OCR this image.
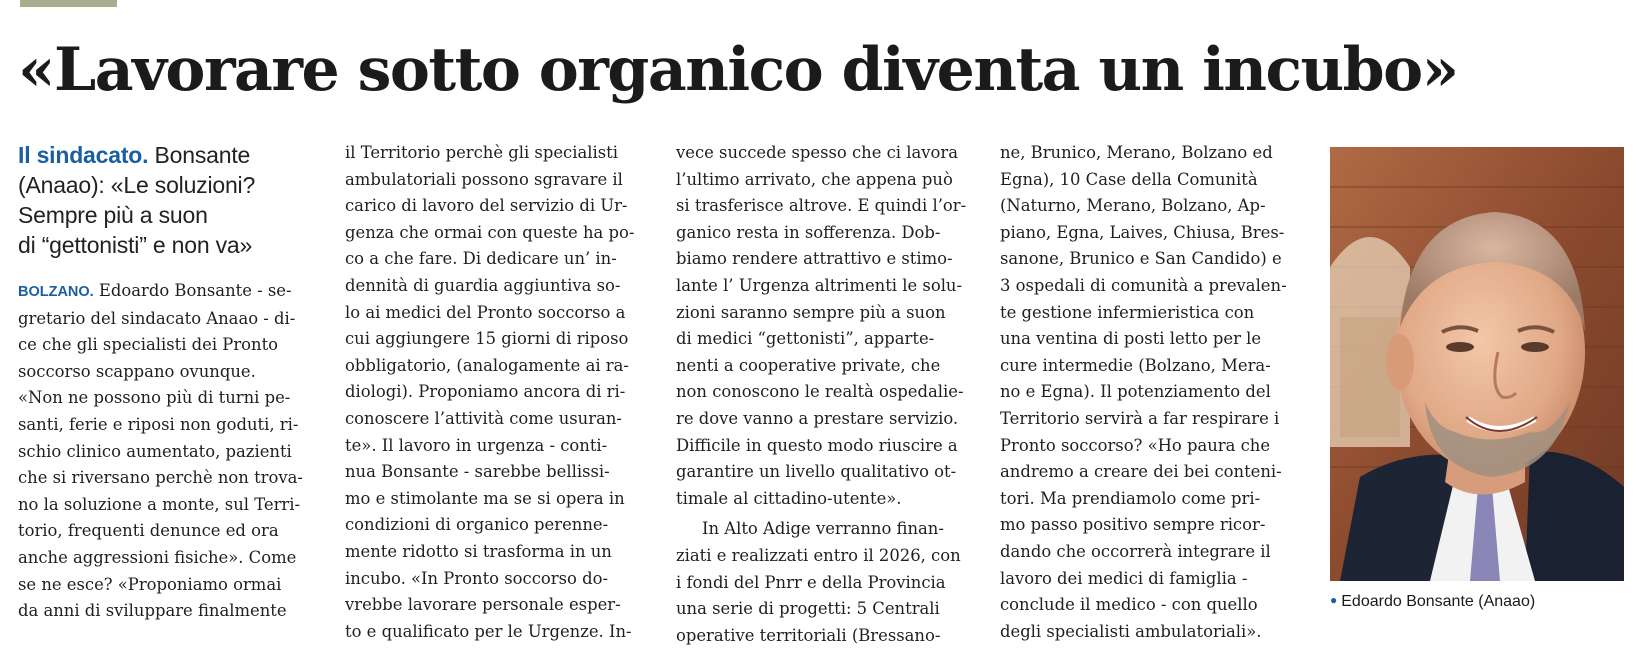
«Lavorare sotto organico diventa un incubo»
Il sindacato. Bonsante
(Anaao): «Le soluzioni?
Sempre più a suon
di “gettonisti” e non va»

BOLZANO. Edoardo Bonsante - se-

gretario del sindacato Anaao - di-

ce che gli specialisti dei Pronto

soccorso scappano ovunque.

«Non ne possono più di turni pe-

santi, ferie e riposi non goduti, ri-

schio clinico aumentato, pazienti

che si riversano perchè non trova-

no la soluzione a monte, sul Terri-

torio, frequenti denunce ed ora

anche aggressioni fisiche». Come

se ne esce? «Proponiamo ormai

da anni di sviluppare finalmente

il Territorio perchè gli specialisti

ambulatoriali possono sgravare il

carico di lavoro del servizio di Ur-

genza che ormai con queste ha po-

co a che fare. Di dedicare un’ in-

dennità di guardia aggiuntiva so-

lo ai medici del Pronto soccorso a

cui aggiungere 15 giorni di riposo

obbligatorio, (analogamente ai ra-

diologi). Proponiamo ancora di ri-

conoscere l’attività come usuran-

te». Il lavoro in urgenza - conti-

nua Bonsante - sarebbe bellissi-

mo e stimolante ma se si opera in

condizioni di organico perenne-

mente ridotto si trasforma in un

incubo. «In Pronto soccorso do-

vrebbe lavorare personale esper-

to e qualificato per le Urgenze. In-

vece succede spesso che ci lavora

l’ultimo arrivato, che appena può

si trasferisce altrove. E quindi l’or-

ganico resta in sofferenza. Dob-

biamo rendere attrattivo e stimo-

lante l’ Urgenza altrimenti le solu-

zioni saranno sempre più a suon

di medici “gettonisti”, apparte-

nenti a cooperative private, che

non conoscono le realtà ospedalie-

re dove vanno a prestare servizio.

Difficile in questo modo riuscire a

garantire un livello qualitativo ot-

timale al cittadino-utente».

In Alto Adige verranno finan-

ziati e realizzati entro il 2026, con

i fondi del Pnrr e della Provincia

una serie di progetti: 5 Centrali

operative territoriali (Bressano-

ne, Brunico, Merano, Bolzano ed

Egna), 10 Case della Comunità

(Naturno, Merano, Bolzano, Ap-

piano, Egna, Laives, Chiusa, Bres-

sanone, Brunico e San Candido) e

3 ospedali di comunità a prevalen-

te gestione infermieristica con

una ventina di posti letto per le

cure intermedie (Bolzano, Mera-

no e Egna). Il potenziamento del

Territorio servirà a far respirare i

Pronto soccorso? «Ho paura che

andremo a creare dei bei conteni-

tori. Ma prendiamolo come pri-

mo passo positivo sempre ricor-

dando che occorrerà integrare il

lavoro dei medici di famiglia -

conclude il medico - con quello

degli specialisti ambulatoriali».

● Edoardo Bonsante (Anaao)
